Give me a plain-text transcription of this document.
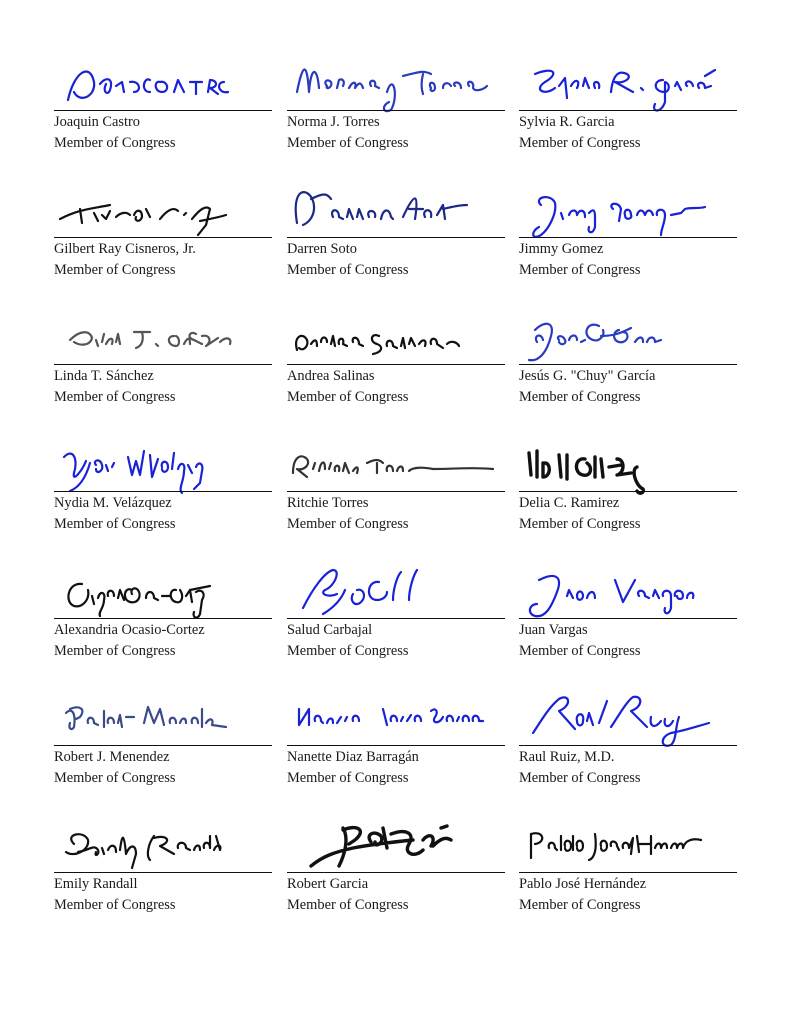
Joaquin Castro
Member of Congress
Norma J. Torres
Member of Congress
Sylvia R. Garcia
Member of Congress
Gilbert Ray Cisneros, Jr.
Member of Congress
Darren Soto
Member of Congress
Jimmy Gomez
Member of Congress
Linda T. Sánchez
Member of Congress
Andrea Salinas
Member of Congress
Jesús G. "Chuy" García
Member of Congress
Nydia M. Velázquez
Member of Congress
Ritchie Torres
Member of Congress
Delia C. Ramirez
Member of Congress
Alexandria Ocasio-Cortez
Member of Congress
Salud Carbajal
Member of Congress
Juan Vargas
Member of Congress
Robert J. Menendez
Member of Congress
Nanette Diaz Barragán
Member of Congress
Raul Ruiz, M.D.
Member of Congress
Emily Randall
Member of Congress
Robert Garcia
Member of Congress
Pablo José Hernández
Member of Congress
